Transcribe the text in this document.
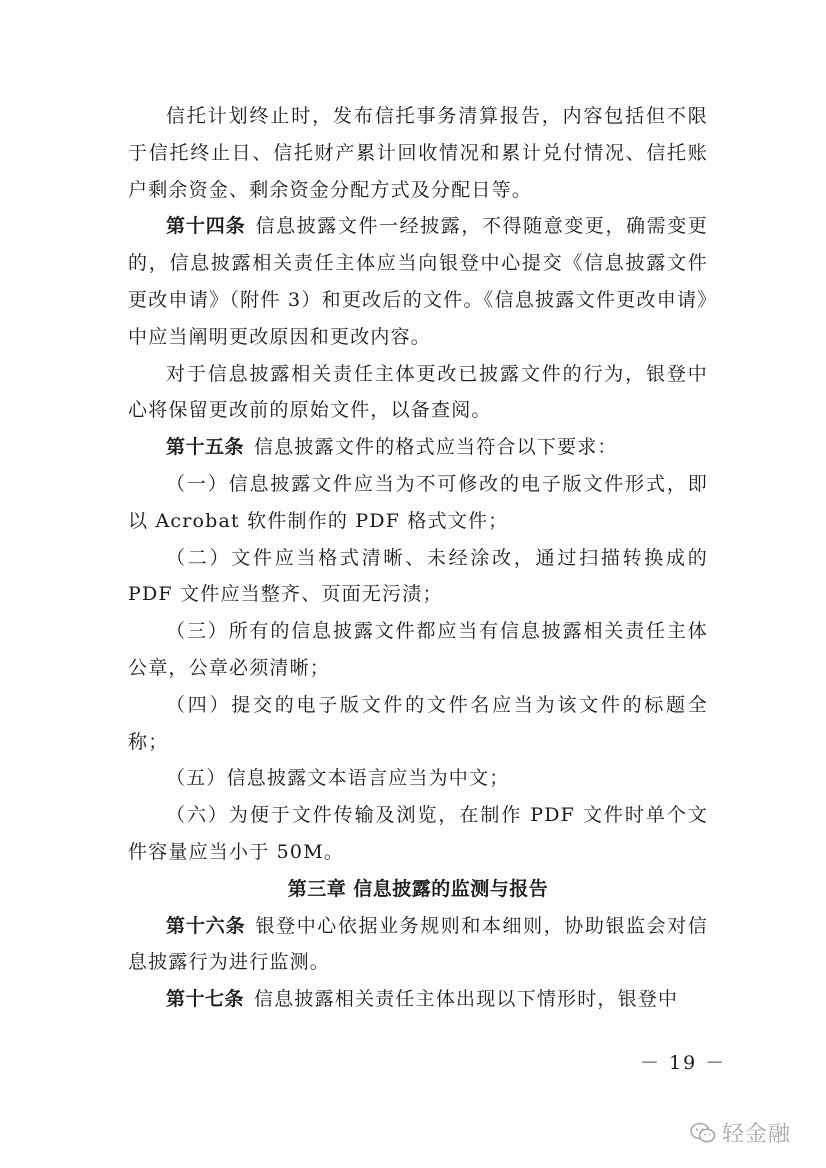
信托计划终止时，发布信托事务清算报告，内容包括但不限于信托终止日、信托财产累计回收情况和累计兑付情况、信托账户剩余资金、剩余资金分配方式及分配日等。

第十四条 信息披露文件一经披露，不得随意变更，确需变更的，信息披露相关责任主体应当向银登中心提交《信息披露文件更改申请》（附件 3）和更改后的文件。《信息披露文件更改申请》中应当阐明更改原因和更改内容。

对于信息披露相关责任主体更改已披露文件的行为，银登中心将保留更改前的原始文件，以备查阅。

第十五条 信息披露文件的格式应当符合以下要求：

（一）信息披露文件应当为不可修改的电子版文件形式，即以 Acrobat 软件制作的 PDF 格式文件；

（二）文件应当格式清晰、未经涂改，通过扫描转换成的 PDF 文件应当整齐、页面无污渍；

（三）所有的信息披露文件都应当有信息披露相关责任主体公章，公章必须清晰；

（四）提交的电子版文件的文件名应当为该文件的标题全称；

（五）信息披露文本语言应当为中文；

（六）为便于文件传输及浏览，在制作 PDF 文件时单个文件容量应当小于 50M。

第三章 信息披露的监测与报告

第十六条 银登中心依据业务规则和本细则，协助银监会对信息披露行为进行监测。

第十七条 信息披露相关责任主体出现以下情形时，银登中

－ 19 －
轻金融
